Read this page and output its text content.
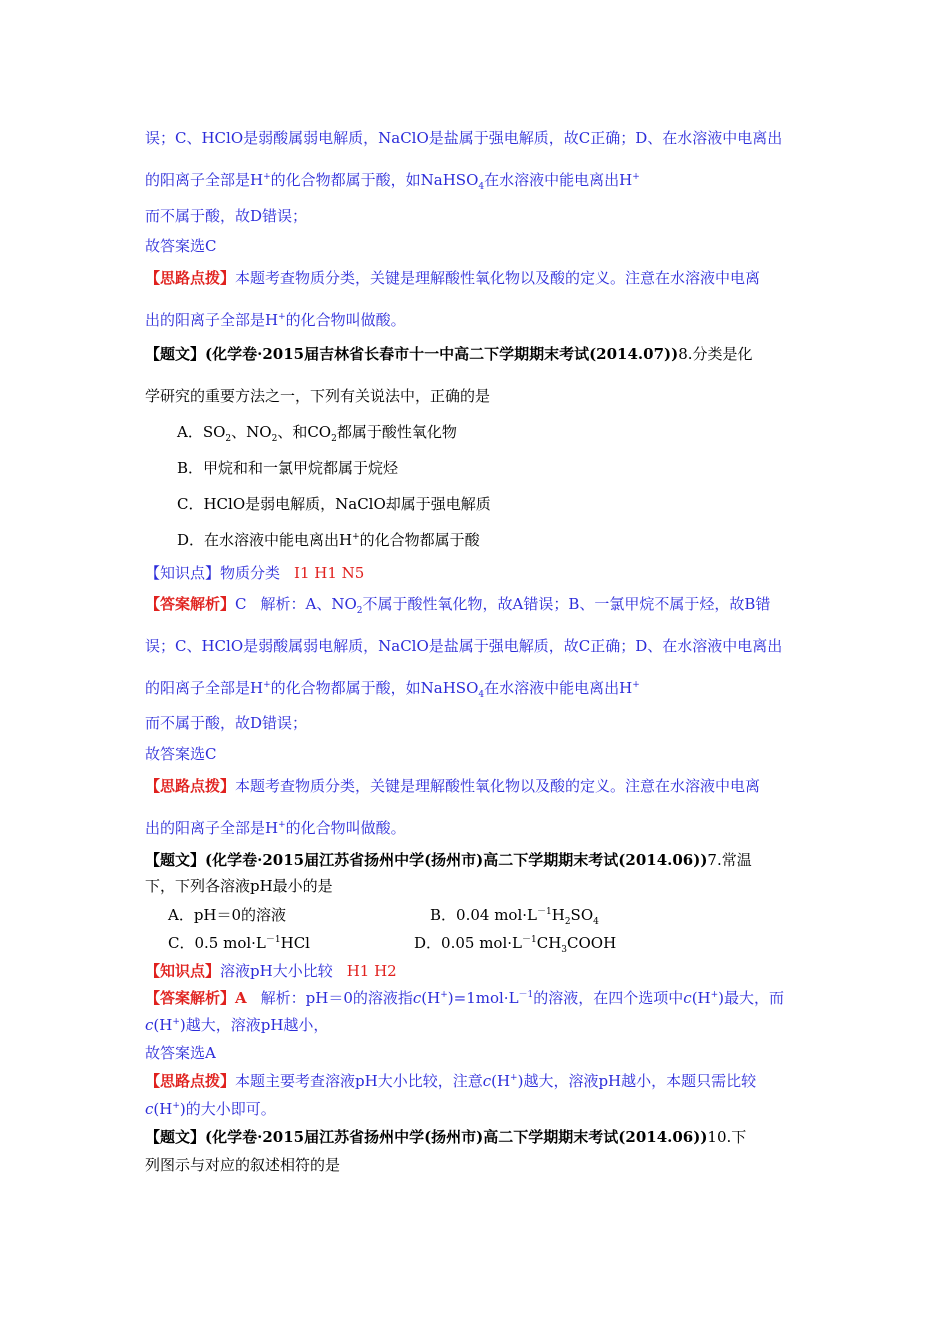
误；C、HClO是弱酸属弱电解质，NaClO是盐属于强电解质，故C正确；D、在水溶液中电离出
的阳离子全部是H+的化合物都属于酸，如NaHSO$_4$在水溶液中能电离出H+
而不属于酸，故D错误；
故答案选C
【思路点拨】本题考查物质分类，关键是理解酸性氧化物以及酸的定义。注意在水溶液中电离
出的阳离子全部是H+的化合物叫做酸。
【题文】(化学卷·2015届吉林省长春市十一中高二下学期期末考试(2014.07))8.分类是化
学研究的重要方法之一，下列有关说法中，正确的是
A．$SO_2$、$NO_2$、和$CO_2$都属于酸性氧化物
B．甲烷和和一氯甲烷都属于烷烃
C．HClO是弱电解质，NaClO却属于强电解质
D．在水溶液中能电离出H+的化合物都属于酸
【知识点】物质分类 I1 H1 N5
【答案解析】C 解析：A、$NO_2$不属于酸性氧化物，故A错误；B、一氯甲烷不属于烃，故B错
误；C、HClO是弱酸属弱电解质，NaClO是盐属于强电解质，故C正确；D、在水溶液中电离出
的阳离子全部是H+的化合物都属于酸，如NaHSO$_4$在水溶液中能电离出H+
而不属于酸，故D错误；
故答案选C
【思路点拨】本题考查物质分类，关键是理解酸性氧化物以及酸的定义。注意在水溶液中电离
出的阳离子全部是H+的化合物叫做酸。
【题文】(化学卷·2015届江苏省扬州中学(扬州市)高二下学期期末考试(2014.06))7.常温
下，下列各溶液pH最小的是
A．pH＝0的溶液	B．0.04 $mol\cdot L^{-1}H_2SO_4$
C．0.5 $mol\cdot L^{-1}HCl$	D．0.05 $mol\cdot L^{-1}CH_3COOH$
【知识点】溶液pH大小比较 H1 H2
【答案解析】A 解析：pH＝0的溶液指$c(H^+)=1mol\cdot L^{-1}$的溶液，在四个选项中c(H+)最大，而
c(H+)越大，溶液pH越小，
故答案选A
【思路点拨】本题主要考查溶液pH大小比较，注意c(H+)越大，溶液pH越小，本题只需比较
c(H+)的大小即可。
【题文】(化学卷·2015届江苏省扬州中学(扬州市)高二下学期期末考试(2014.06))10.下
列图示与对应的叙述相符的是
